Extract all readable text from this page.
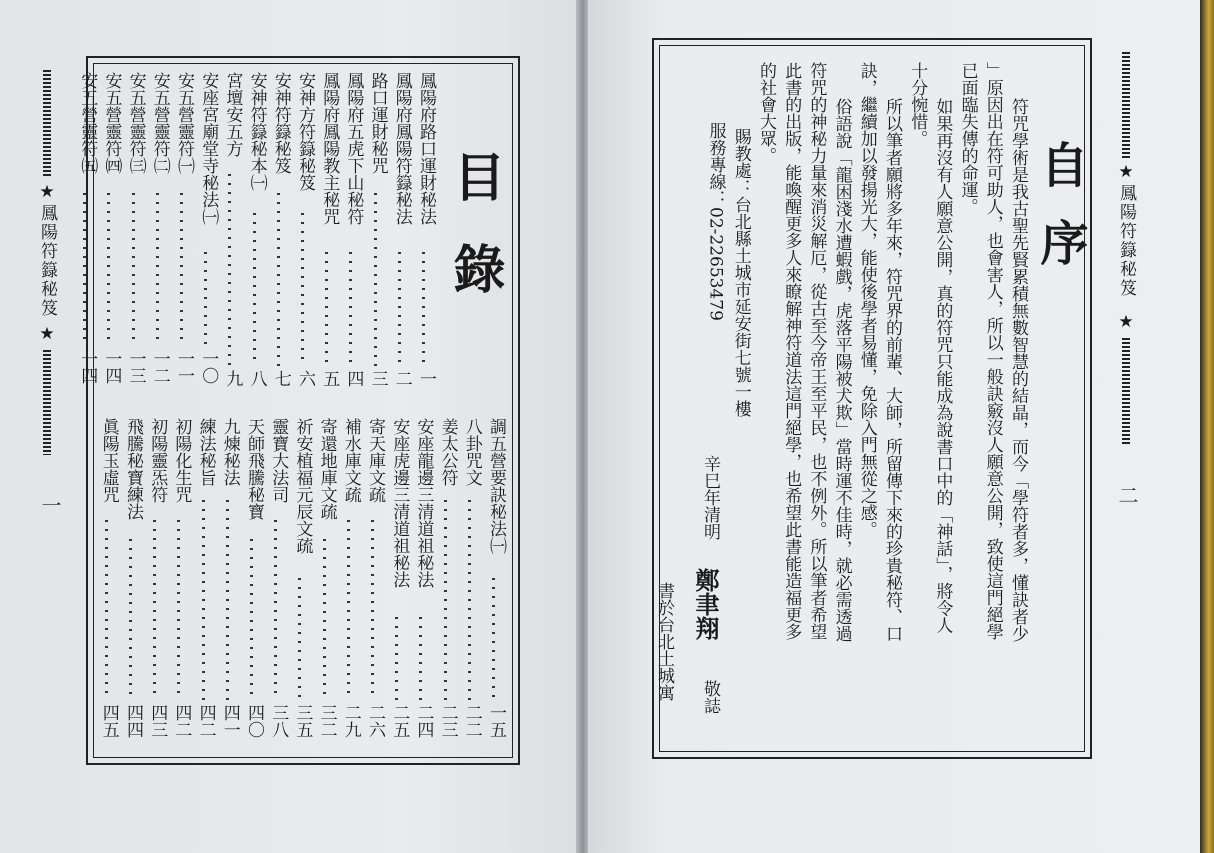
★
鳳陽符籙秘笈
★
一
目錄
鳳陽府路口運財秘法
一
鳳陽府鳳陽符籙秘法
二
路口運財秘咒
三
鳳陽府五虎下山秘符
四
鳳陽府鳳陽教主秘咒
五
安神方符籙秘笈
六
安神符籙秘笈
七
安神符籙秘本㈠
八
宮壇安五方
九
安座宮廟堂寺秘法㈠
一〇
安五營靈符㈠
一一
安五營靈符㈡
一二
安五營靈符㈢
一三
安五營靈符㈣
一四
安五營靈符㈤
一四
調五營要訣秘法㈠
一五
八卦咒文
二二
姜太公符
二三
安座龍邊三清道祖秘法
二四
安座虎邊三清道祖秘法
二五
寄天庫文疏
二六
補水庫文疏
二九
寄還地庫文疏
三二
祈安植福元辰文疏
三五
靈寶大法司
三八
天師飛騰秘寶
四〇
九煉秘法
四一
練法秘旨
四二
初陽化生咒
四二
初陽靈炁符
四三
飛騰秘寶練法
四四
眞陽玉虛咒
四五
自序
符咒學術是我古聖先賢累積無數智慧的結晶，而今「學符者多，懂訣者少
」原因出在符可助人，也會害人，所以一般訣竅沒人願意公開，致使這門絕學
已面臨失傳的命運。
如果再沒有人願意公開，真的符咒只能成為說書口中的「神話」，將令人
十分惋惜。
所以筆者願將多年來，符咒界的前輩、大師，所留傳下來的珍貴秘符、口
訣，繼續加以發揚光大，能使後學者易懂，免除入門無從之感。
俗語說「龍困淺水遭蝦戲，虎落平陽被犬欺」當時運不佳時，就必需透過
符咒的神秘力量來消災解厄，從古至今帝王至平民，也不例外。所以筆者希望
此書的出版，能喚醒更多人來瞭解神符道法這門絕學，也希望此書能造福更多
的社會大眾。
賜教處：台北縣土城市延安街七號一樓
服務專線：02-22653479
辛巳年清明
鄭聿翔
敬誌
書於台北土城寓
★
鳳陽符籙秘笈
★
二
